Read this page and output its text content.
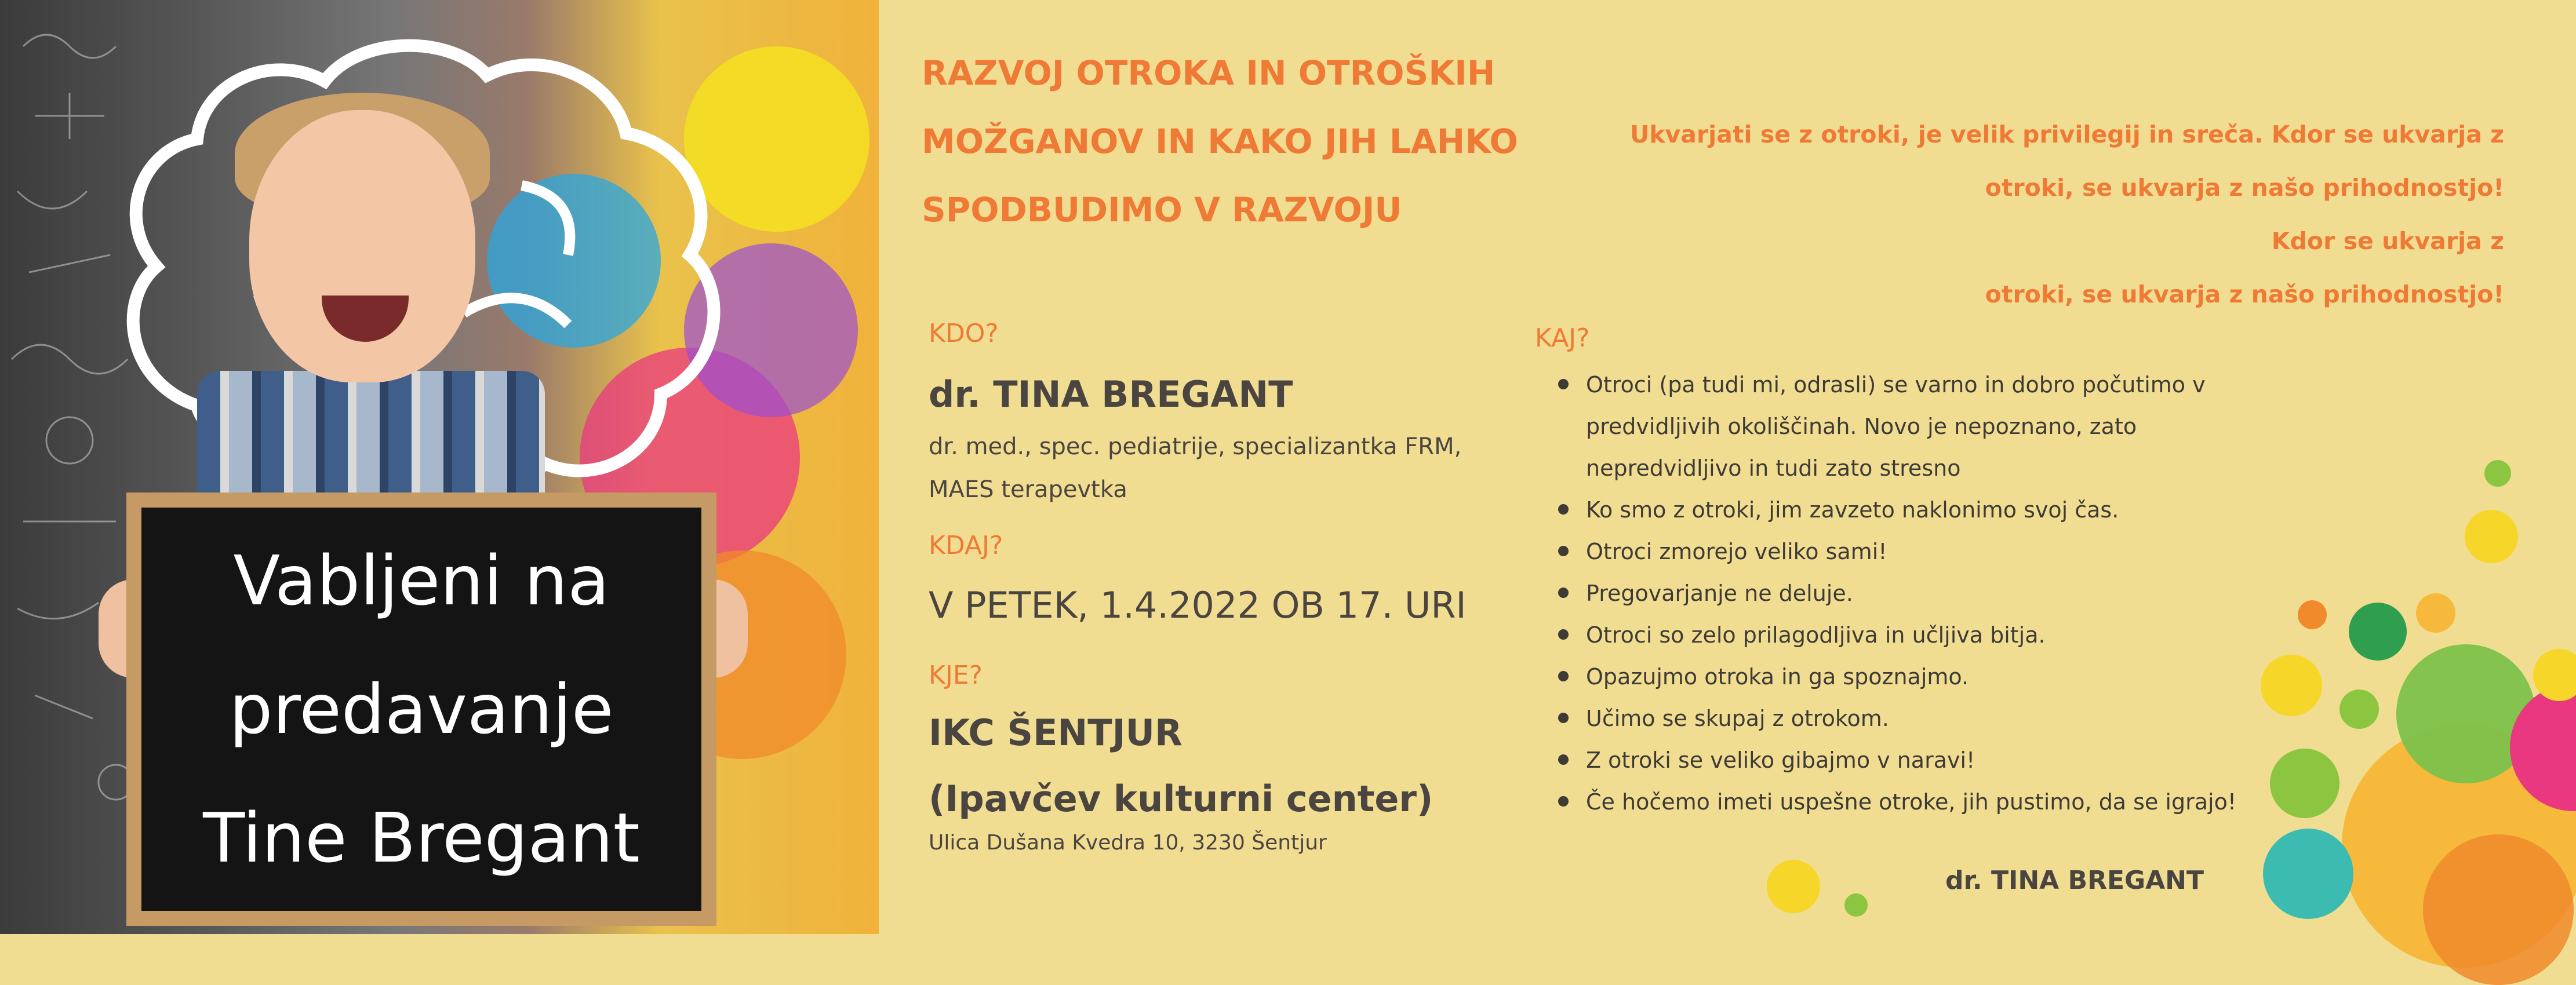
Vabljeni na
predavanje
Tine Bregant
RAZVOJ OTROKA IN OTROŠKIH
MOŽGANOV IN KAKO JIH LAHKO
SPODBUDIMO V RAZVOJU
Ukvarjati se z otroki, je velik privilegij in sreča. Kdor se ukvarja z
otroki, se ukvarja z našo prihodnostjo!
Kdor se ukvarja z
otroki, se ukvarja z našo prihodnostjo!
KDO?
dr. TINA BREGANT
dr. med., spec. pediatrije, specializantka FRM,
MAES terapevtka
KDAJ?
V PETEK, 1.4.2022 OB 17. URI
KJE?
IKC ŠENTJUR
(Ipavčev kulturni center)
Ulica Dušana Kvedra 10, 3230 Šentjur
KAJ?
Otroci (pa tudi mi, odrasli) se varno in dobro počutimo v
predvidljivih okoliščinah. Novo je nepoznano, zato
nepredvidljivo in tudi zato stresno
Ko smo z otroki, jim zavzeto naklonimo svoj čas.
Otroci zmorejo veliko sami!
Pregovarjanje ne deluje.
Otroci so zelo prilagodljiva in učljiva bitja.
Opazujmo otroka in ga spoznajmo.
Učimo se skupaj z otrokom.
Z otroki se veliko gibajmo v naravi!
Če hočemo imeti uspešne otroke, jih pustimo, da se igrajo!
dr. TINA BREGANT
